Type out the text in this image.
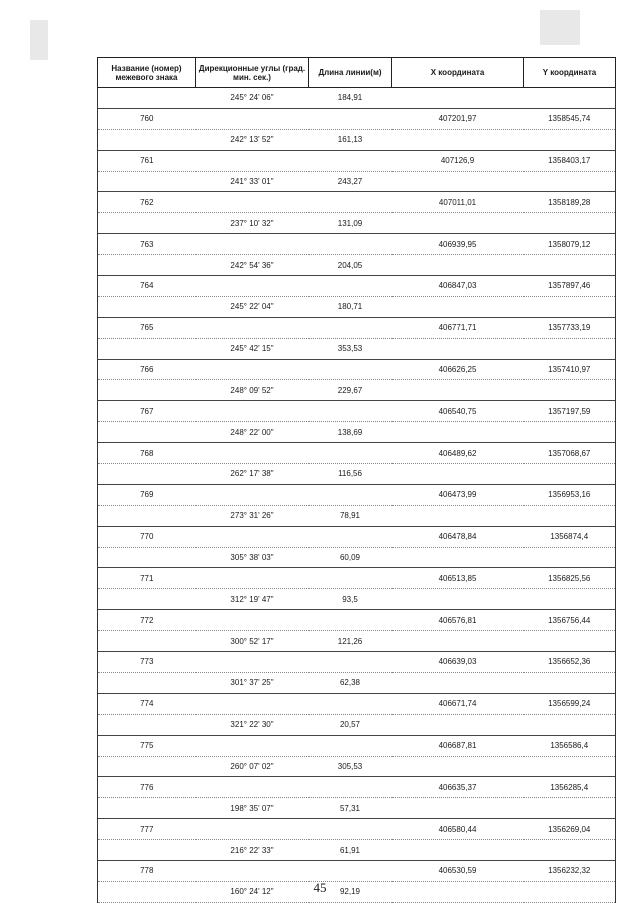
Название (номер) межевого знака	Дирекционные углы (град. мин. сек.)	Длина линии(м)	X координата	Y координата
	245° 24' 06"	184,91		
760			407201,97	1358545,74
	242° 13' 52"	161,13		
761			407126,9	1358403,17
	241° 33' 01"	243,27		
762			407011,01	1358189,28
	237° 10' 32"	131,09		
763			406939,95	1358079,12
	242° 54' 36"	204,05		
764			406847,03	1357897,46
	245° 22' 04"	180,71		
765			406771,71	1357733,19
	245° 42' 15"	353,53		
766			406626,25	1357410,97
	248° 09' 52"	229,67		
767			406540,75	1357197,59
	248° 22' 00"	138,69		
768			406489,62	1357068,67
	262° 17' 38"	116,56		
769			406473,99	1356953,16
	273° 31' 26"	78,91		
770			406478,84	1356874,4
	305° 38' 03"	60,09		
771			406513,85	1356825,56
	312° 19' 47"	93,5		
772			406576,81	1356756,44
	300° 52' 17"	121,26		
773			406639,03	1356652,36
	301° 37' 25"	62,38		
774			406671,74	1356599,24
	321° 22' 30"	20,57		
775			406687,81	1356586,4
	260° 07' 02"	305,53		
776			406635,37	1356285,4
	198° 35' 07"	57,31		
777			406580,44	1356269,04
	216° 22' 33"	61,91		
778			406530,59	1356232,32
	160° 24' 12"	92,19		
45
